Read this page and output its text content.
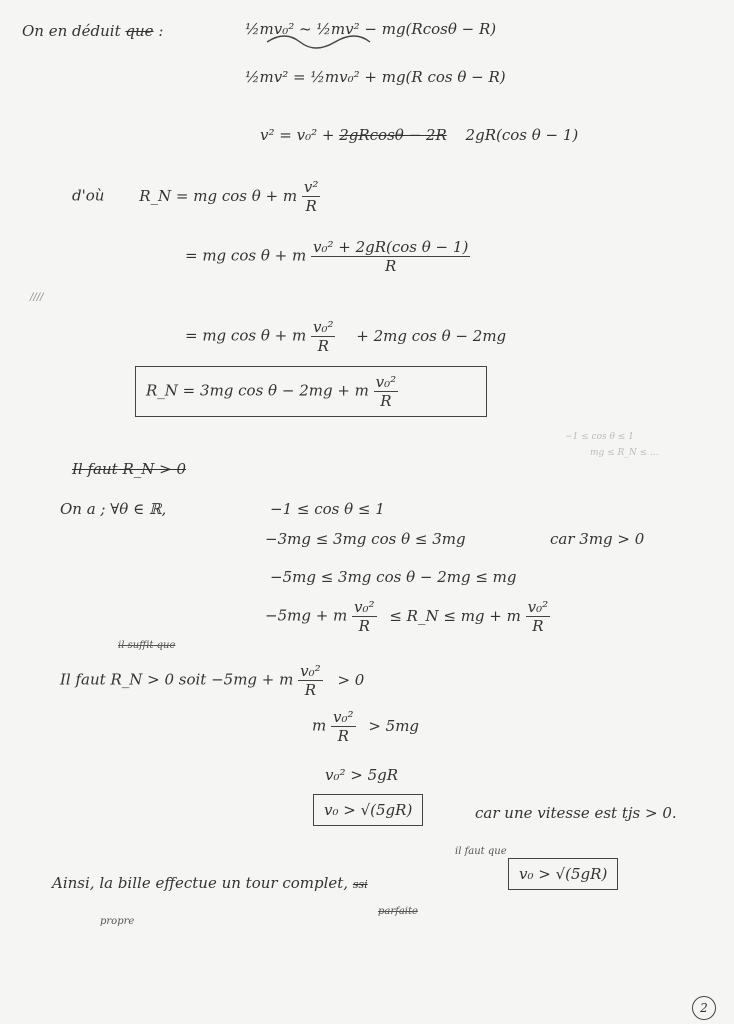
On en déduit que :	½mv₀² ~ ½mv² − mg(Rcosθ − R)
½mv² = ½mv₀² + mg(R cos θ − R)
v² = v₀² + 2gRcosθ − 2R 2gR(cos θ − 1)
d'où R_N = mg cos θ + m $\frac{\text{v²}}{R}$
= mg cos θ + m $\frac{\text{v₀² + 2gR(cos θ − 1)}}{R}$
////
= mg cos θ + m $\frac{\text{v₀²}}{R} + 2mg$ cos θ − 2mg
R_N = 3mg cos θ − 2mg + m $\frac{\text{v₀²}}{R}$
−1 ≤ cos θ ≤ 1
mg ≤ R_N ≤ ...
Il faut R_N > 0
On a ; ∀θ ∈ ℝ,	−1 ≤ cos θ ≤ 1
−3mg ≤ 3mg cos θ ≤ 3mg	car 3mg > 0
−5mg ≤ 3mg cos θ − 2mg ≤ mg
−5mg + m $\frac{\text{v₀²}}{R}$ ≤ R_N ≤ mg + m $\frac{\text{v₀²}}{R}$
il suffit que
Il faut R_N > 0 soit −5mg + m $\frac{\text{v₀²}}{R} > 0$
m $\frac{\text{v₀²}}{R} > 5mg$
v₀² > 5gR
v₀ > √(5gR)	car une vitesse est tjs > 0.
il faut que
Ainsi, la bille effectue un tour complet, ssi
v₀ > √(5gR)
propre
parfaite
2
